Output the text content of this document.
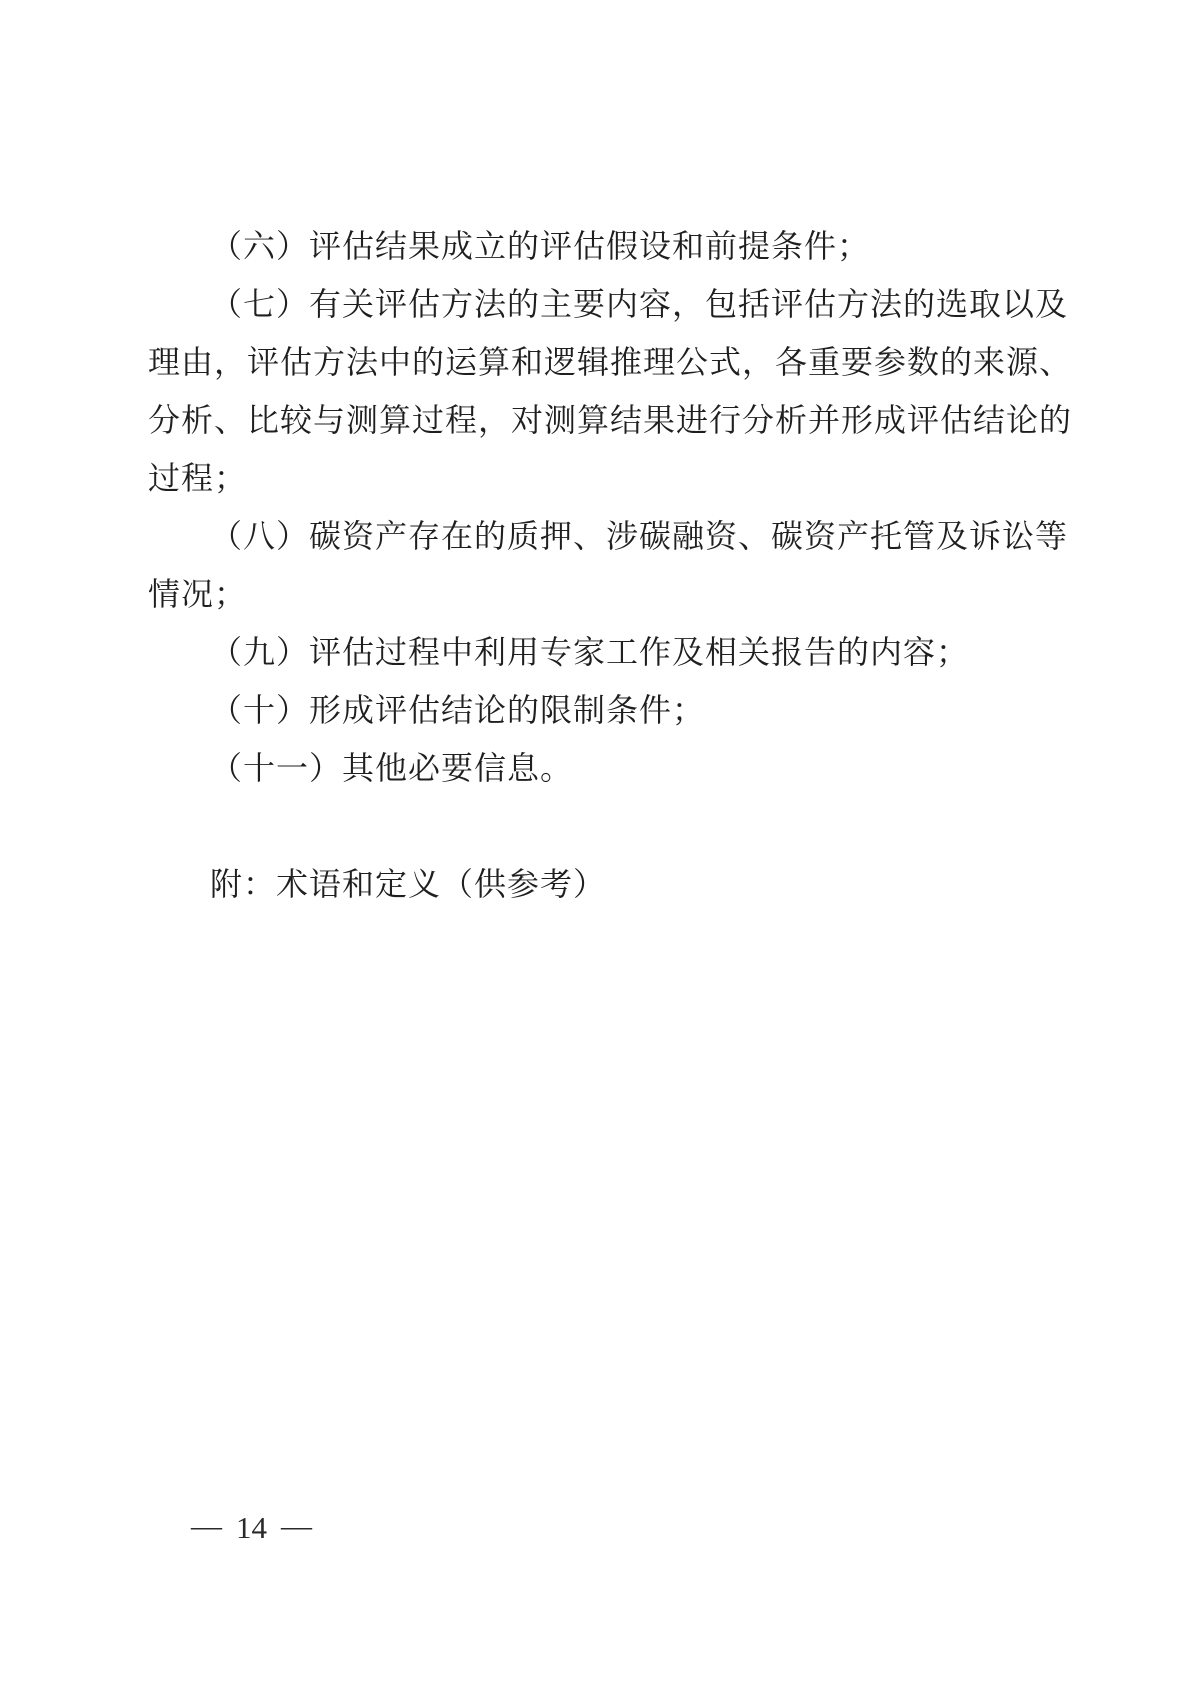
（六）评估结果成立的评估假设和前提条件；

（七）有关评估方法的主要内容，包括评估方法的选取以及

理由，评估方法中的运算和逻辑推理公式，各重要参数的来源、

分析、比较与测算过程，对测算结果进行分析并形成评估结论的

过程；

（八）碳资产存在的质押、涉碳融资、碳资产托管及诉讼等

情况；

（九）评估过程中利用专家工作及相关报告的内容；

（十）形成评估结论的限制条件；

（十一）其他必要信息。

附：术语和定义（供参考）

— 14 —
